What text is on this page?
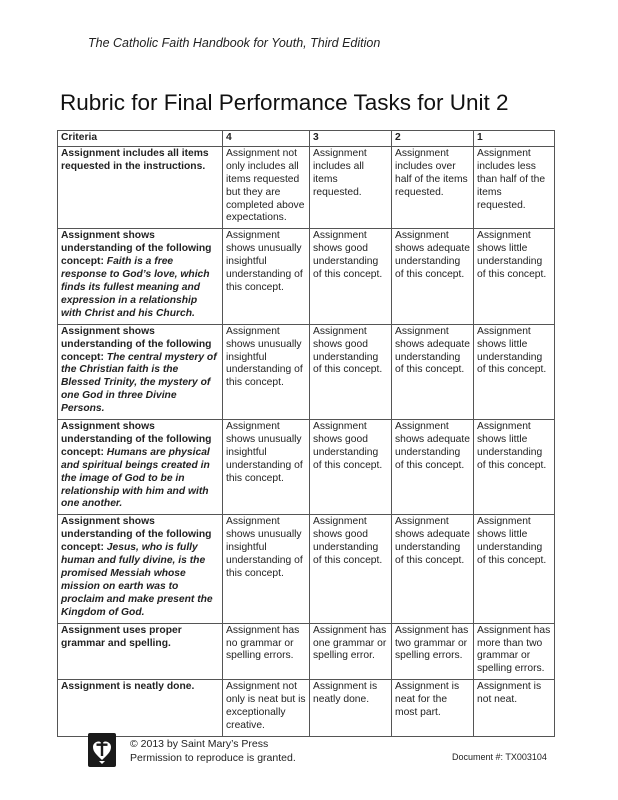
The Catholic Faith Handbook for Youth, Third Edition
Rubric for Final Performance Tasks for Unit 2
Criteria	4	3	2	1
Assignment includes all items requested in the instructions.	Assignment not only includes all items requested but they are completed above expectations.	Assignment includes all items requested.	Assignment includes over half of the items requested.	Assignment includes less than half of the items requested.
Assignment shows understanding of the following concept: Faith is a free response to God’s love, which finds its fullest meaning and expression in a relationship with Christ and his Church.	Assignment shows unusually insightful understanding of this concept.	Assignment shows good understanding of this concept.	Assignment shows adequate understanding of this concept.	Assignment shows little understanding of this concept.
Assignment shows understanding of the following concept: The central mystery of the Christian faith is the Blessed Trinity, the mystery of one God in three Divine Persons.	Assignment shows unusually insightful understanding of this concept.	Assignment shows good understanding of this concept.	Assignment shows adequate understanding of this concept.	Assignment shows little understanding of this concept.
Assignment shows understanding of the following concept: Humans are physical and spiritual beings created in the image of God to be in relationship with him and with one another.	Assignment shows unusually insightful understanding of this concept.	Assignment shows good understanding of this concept.	Assignment shows adequate understanding of this concept.	Assignment shows little understanding of this concept.
Assignment shows understanding of the following concept: Jesus, who is fully human and fully divine, is the promised Messiah whose mission on earth was to proclaim and make present the Kingdom of God.	Assignment shows unusually insightful understanding of this concept.	Assignment shows good understanding of this concept.	Assignment shows adequate understanding of this concept.	Assignment shows little understanding of this concept.
Assignment uses proper grammar and spelling.	Assignment has no grammar or spelling errors.	Assignment has one grammar or spelling error.	Assignment has two grammar or spelling errors.	Assignment has more than two grammar or spelling errors.
Assignment is neatly done.	Assignment not only is neat but is exceptionally creative.	Assignment is neatly done.	Assignment is neat for the most part.	Assignment is not neat.
© 2013 by Saint Mary’s Press
Permission to reproduce is granted.	Document #: TX003104
